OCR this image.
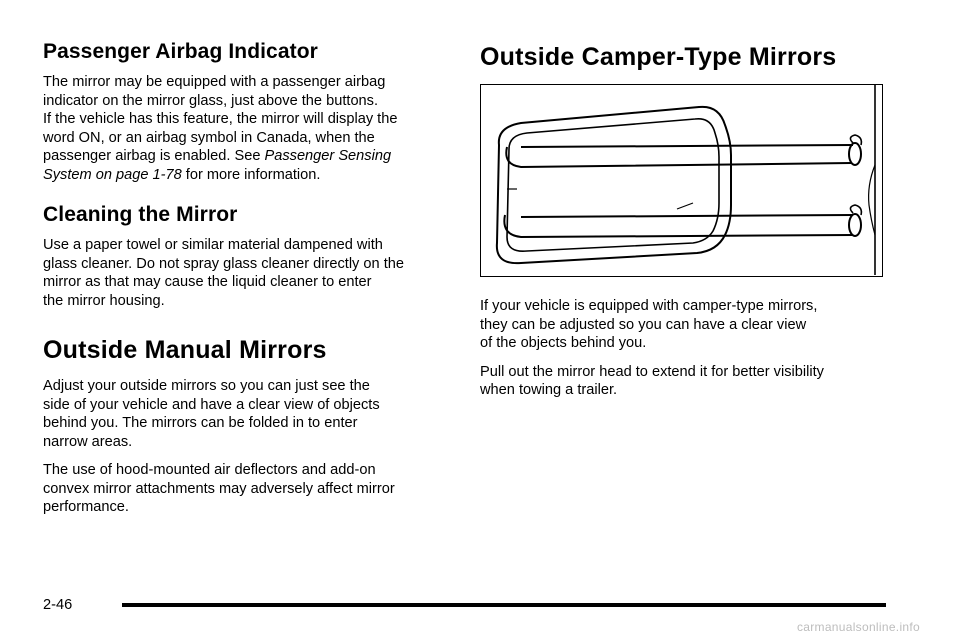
Passenger Airbag Indicator

The mirror may be equipped with a passenger airbag
indicator on the mirror glass, just above the buttons.
If the vehicle has this feature, the mirror will display the
word ON, or an airbag symbol in Canada, when the
passenger airbag is enabled. See Passenger Sensing
System on page 1-78 for more information.

Cleaning the Mirror

Use a paper towel or similar material dampened with
glass cleaner. Do not spray glass cleaner directly on the
mirror as that may cause the liquid cleaner to enter
the mirror housing.

Outside Manual Mirrors

Adjust your outside mirrors so you can just see the
side of your vehicle and have a clear view of objects
behind you. The mirrors can be folded in to enter
narrow areas.

The use of hood-mounted air deflectors and add-on
convex mirror attachments may adversely affect mirror
performance.

Outside Camper-Type Mirrors

If your vehicle is equipped with camper-type mirrors,
they can be adjusted so you can have a clear view
of the objects behind you.

Pull out the mirror head to extend it for better visibility
when towing a trailer.

2-46
carmanualsonline.info
